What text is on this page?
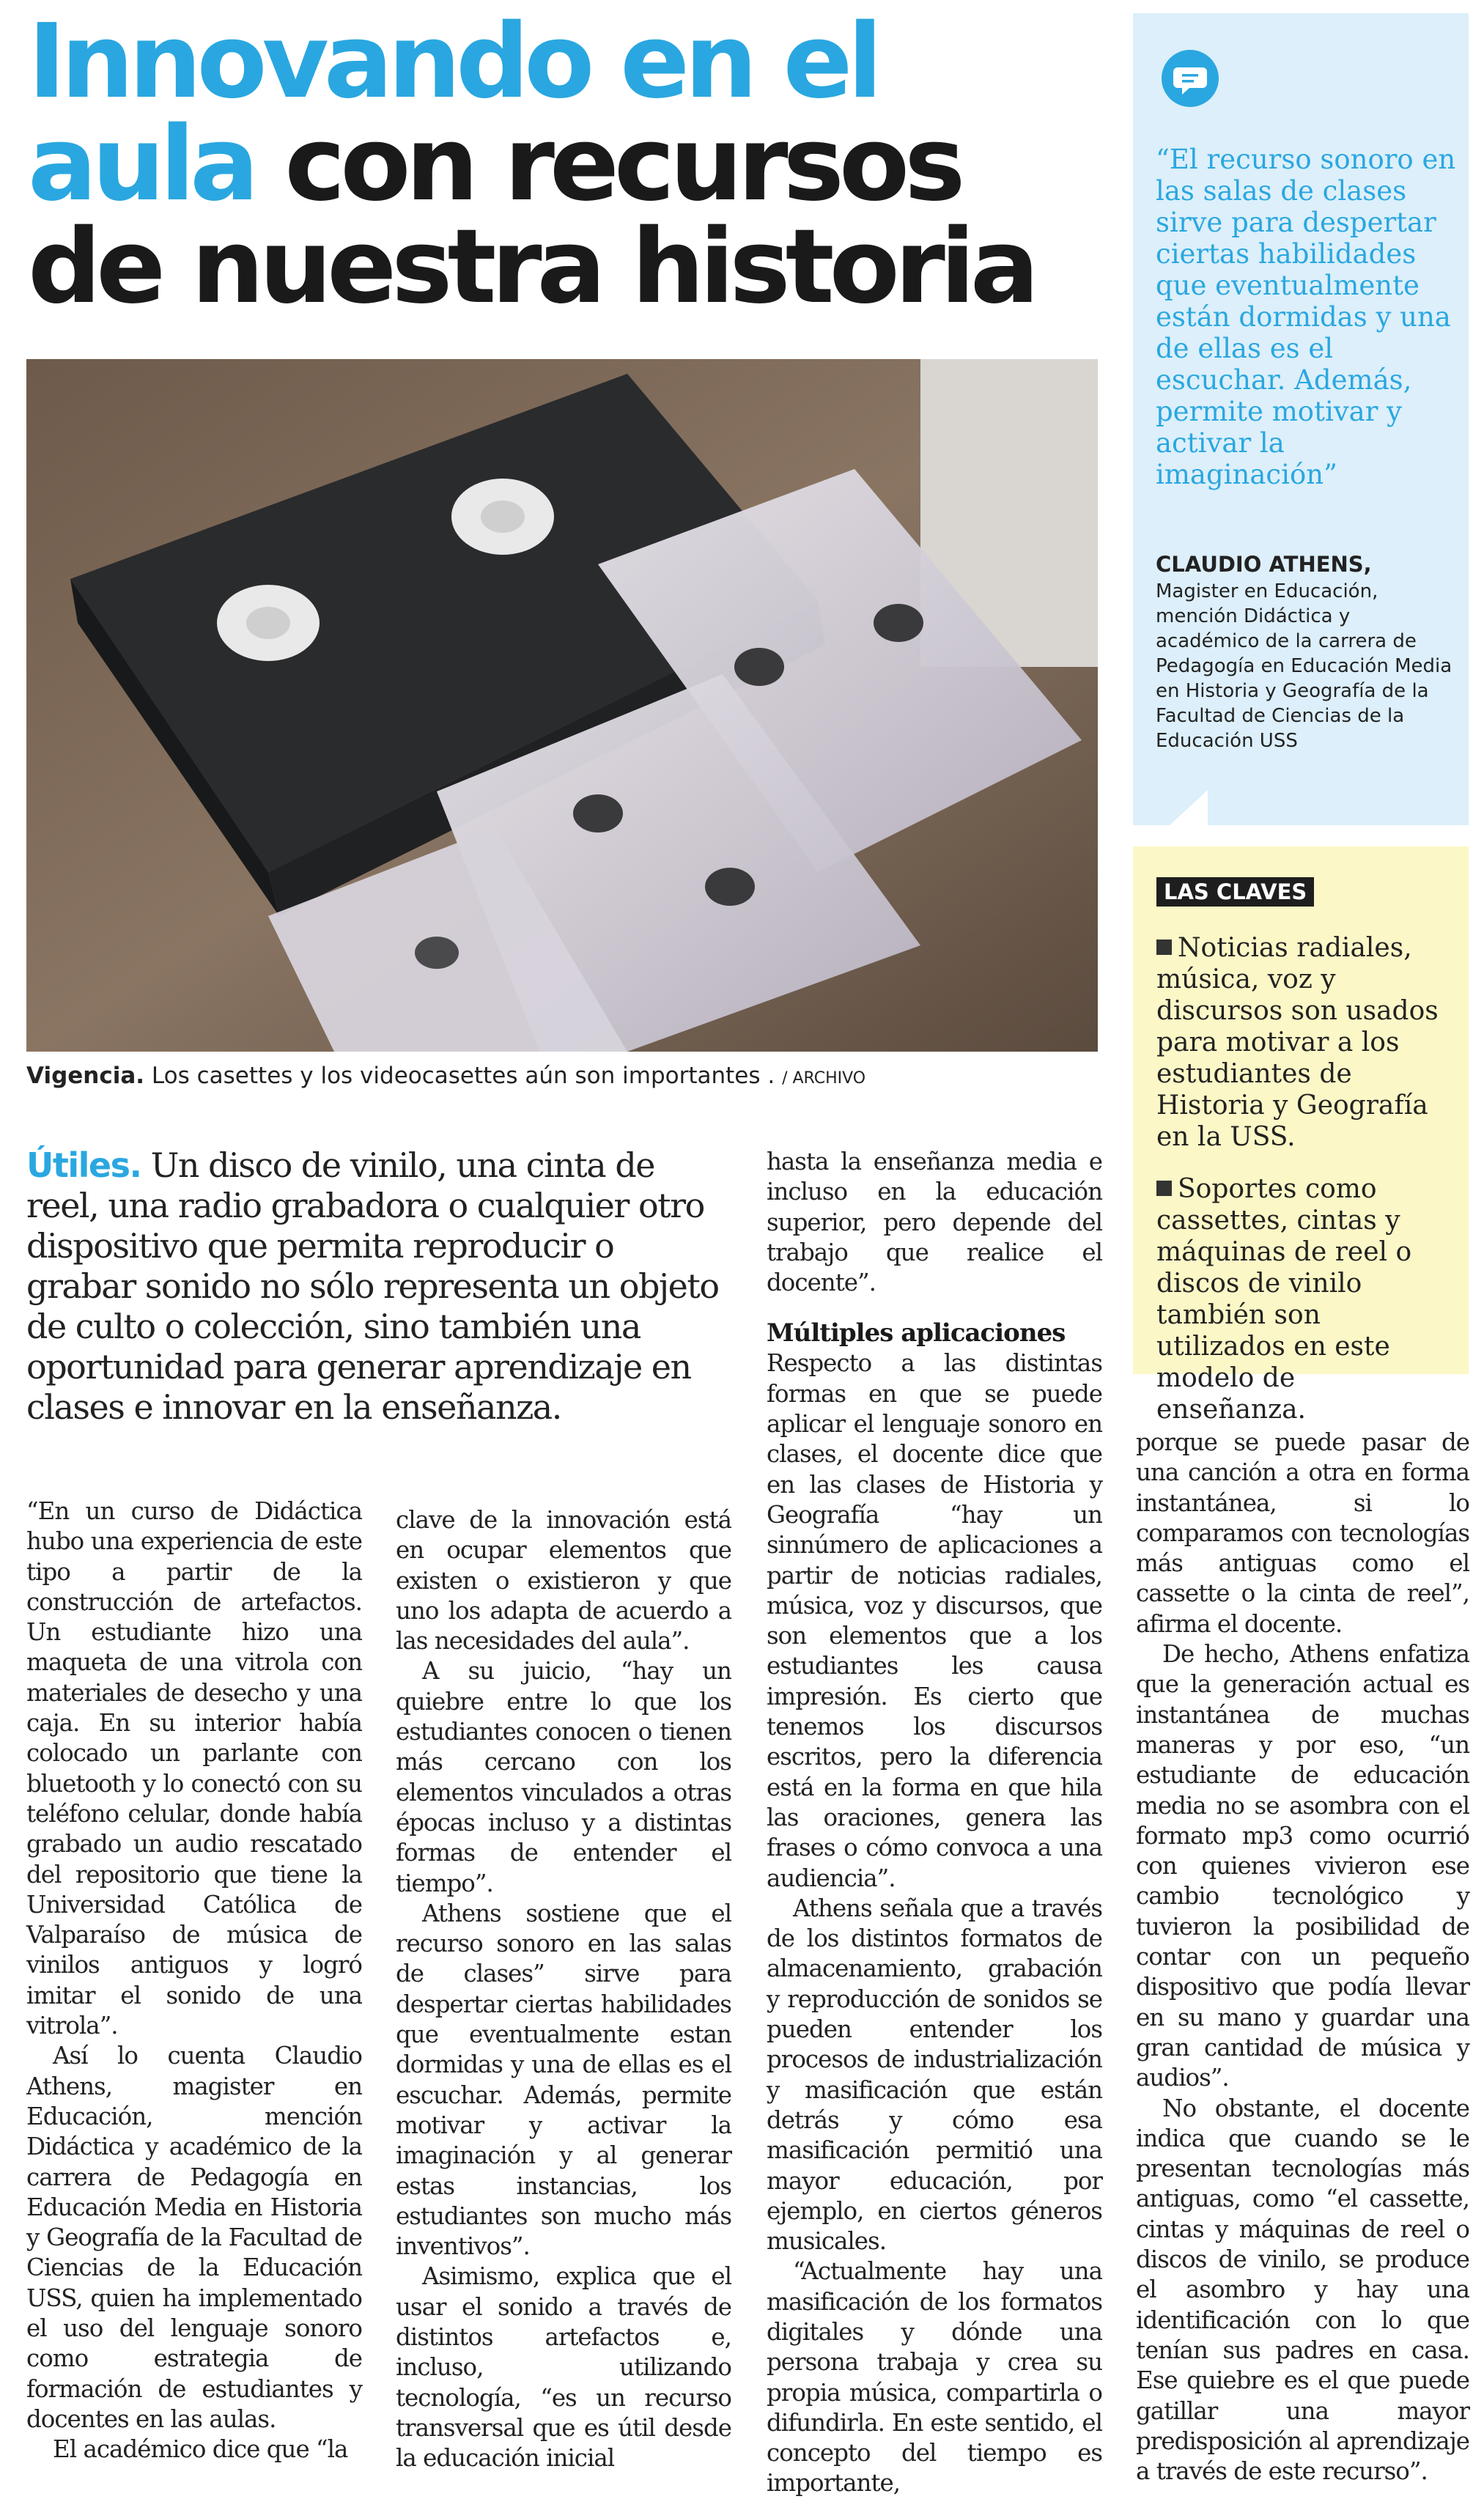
Innovando en el
aula con recursos
de nuestra historia
Vigencia. Los casettes y los videocasettes aún son importantes . / ARCHIVO
“El recurso sonoro en las salas de clases sirve para despertar ciertas habilidades que eventualmente están dormidas y una de ellas es el escuchar. Además, permite motivar y activar la imaginación”
CLAUDIO ATHENS,
Magister en Educación, mención Didáctica y académico de la carrera de Pedagogía en Educación Media en Historia y Geografía de la Facultad de Ciencias de la Educación USS
LAS CLAVES

Noticias radiales, música, voz y discursos son usados para motivar a los estudiantes de Historia y Geografía en la USS.

Soportes como cassettes, cintas y máquinas de reel o discos de vinilo también son utilizados en este modelo de enseñanza.

Útiles. Un disco de vinilo, una cinta de reel, una radio grabadora o cualquier otro dispositivo que permita reproducir o grabar sonido no sólo representa un objeto de culto o colección, sino también una oportunidad para generar aprendizaje en clases e innovar en la enseñanza.

“En un curso de Didáctica hubo una experiencia de este tipo a partir de la construcción de artefactos. Un estudiante hizo una maqueta de una vitrola con materiales de desecho y una caja. En su interior había colocado un parlante con bluetooth y lo conectó con su teléfono celular, donde había grabado un audio rescatado del repositorio que tiene la Universidad Católica de Valparaíso de música de vinilos antiguos y logró imitar el sonido de una vitrola”.

Así lo cuenta Claudio Athens, magister en Educación, mención Didáctica y académico de la carrera de Pedagogía en Educación Media en Historia y Geografía de la Facultad de Ciencias de la Educación USS, quien ha implementado el uso del lenguaje sonoro como estrategia de formación de estudiantes y docentes en las aulas.

El académico dice que “la

clave de la innovación está en ocupar elementos que existen o existieron y que uno los adapta de acuerdo a las necesidades del aula”.

A su juicio, “hay un quiebre entre lo que los estudiantes conocen o tienen más cercano con los elementos vinculados a otras épocas incluso y a distintas formas de entender el tiempo”.

Athens sostiene que el recurso sonoro en las salas de clases” sirve para despertar ciertas habilidades que eventualmente estan dormidas y una de ellas es el escuchar. Además, permite motivar y activar la imaginación y al generar estas instancias, los estudiantes son mucho más inventivos”.

Asimismo, explica que el usar el sonido a través de distintos artefactos e, incluso, utilizando tecnología, “es un recurso transversal que es útil desde la educación inicial

hasta la enseñanza media e incluso en la educación superior, pero depende del trabajo que realice el docente”.

Múltiples aplicaciones

Respecto a las distintas formas en que se puede aplicar el lenguaje sonoro en clases, el docente dice que en las clases de Historia y Geografía “hay un sinnúmero de aplicaciones a partir de noticias radiales, música, voz y discursos, que son elementos que a los estudiantes les causa impresión. Es cierto que tenemos los discursos escritos, pero la diferencia está en la forma en que hila las oraciones, genera las frases o cómo convoca a una audiencia”.

Athens señala que a través de los distintos formatos de almacenamiento, grabación y reproducción de sonidos se pueden entender los procesos de industrialización y masificación que están detrás y cómo esa masificación permitió una mayor educación, por ejemplo, en ciertos géneros musicales.

“Actualmente hay una masificación de los formatos digitales y dónde una persona trabaja y crea su propia música, compartirla o difundirla. En este sentido, el concepto del tiempo es importante,

porque se puede pasar de una canción a otra en forma instantánea, si lo comparamos con tecnologías más antiguas como el cassette o la cinta de reel”, afirma el docente.

De hecho, Athens enfatiza que la generación actual es instantánea de muchas maneras y por eso, “un estudiante de educación media no se asombra con el formato mp3 como ocurrió con quienes vivieron ese cambio tecnológico y tuvieron la posibilidad de contar con un pequeño dispositivo que podía llevar en su mano y guardar una gran cantidad de música y audios”.

No obstante, el docente indica que cuando se le presentan tecnologías más antiguas, como “el cassette, cintas y máquinas de reel o discos de vinilo, se produce el asombro y hay una identificación con lo que tenían sus padres en casa. Ese quiebre es el que puede gatillar una mayor predisposición al aprendizaje a través de este recurso”.
